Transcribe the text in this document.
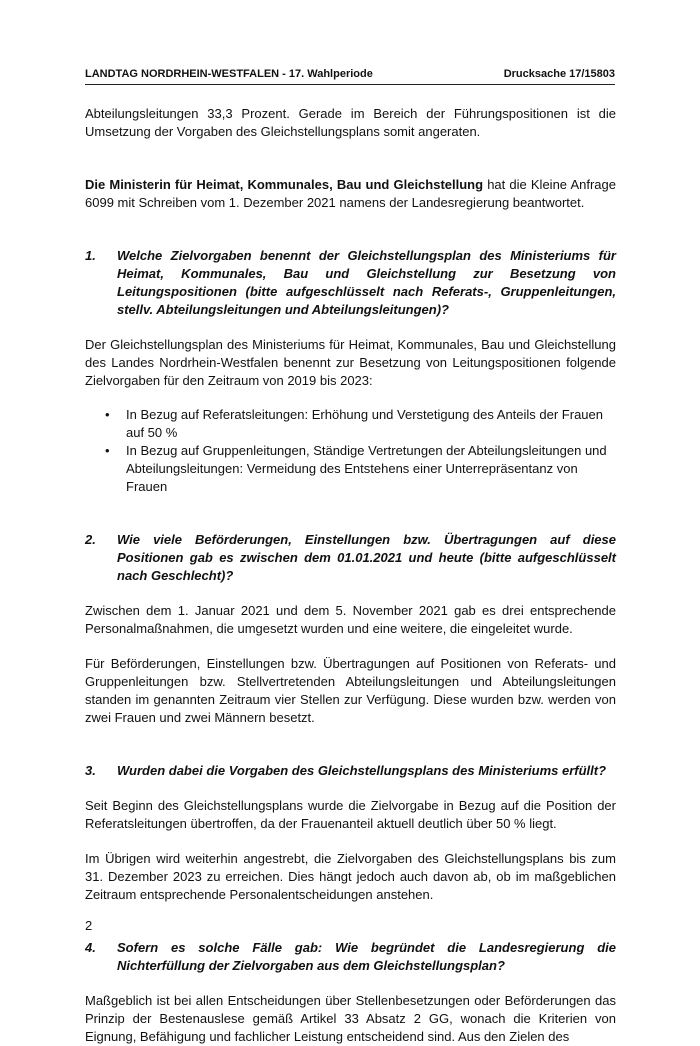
LANDTAG NORDRHEIN-WESTFALEN - 17. Wahlperiode	Drucksache 17/15803

Abteilungsleitungen 33,3 Prozent. Gerade im Bereich der Führungspositionen ist die Umsetzung der Vorgaben des Gleichstellungsplans somit angeraten.

Die Ministerin für Heimat, Kommunales, Bau und Gleichstellung hat die Kleine Anfrage 6099 mit Schreiben vom 1. Dezember 2021 namens der Landesregierung beantwortet.

1.	Welche Zielvorgaben benennt der Gleichstellungsplan des Ministeriums für Heimat, Kommunales, Bau und Gleichstellung zur Besetzung von Leitungspositionen (bitte aufgeschlüsselt nach Referats-, Gruppenleitungen, stellv. Abteilungsleitungen und Abteilungsleitungen)?

Der Gleichstellungsplan des Ministeriums für Heimat, Kommunales, Bau und Gleichstellung des Landes Nordrhein-Westfalen benennt zur Besetzung von Leitungspositionen folgende Zielvorgaben für den Zeitraum von 2019 bis 2023:

•	In Bezug auf Referatsleitungen: Erhöhung und Verstetigung des Anteils der Frauen auf 50 %
•	In Bezug auf Gruppenleitungen, Ständige Vertretungen der Abteilungsleitungen und Abteilungsleitungen: Vermeidung des Entstehens einer Unterrepräsentanz von Frauen
2.	Wie viele Beförderungen, Einstellungen bzw. Übertragungen auf diese Positionen gab es zwischen dem 01.01.2021 und heute (bitte aufgeschlüsselt nach Geschlecht)?

Zwischen dem 1. Januar 2021 und dem 5. November 2021 gab es drei entsprechende Personalmaßnahmen, die umgesetzt wurden und eine weitere, die eingeleitet wurde.

Für Beförderungen, Einstellungen bzw. Übertragungen auf Positionen von Referats- und Gruppenleitungen bzw. Stellvertretenden Abteilungsleitungen und Abteilungsleitungen standen im genannten Zeitraum vier Stellen zur Verfügung. Diese wurden bzw. werden von zwei Frauen und zwei Männern besetzt.

3.	Wurden dabei die Vorgaben des Gleichstellungsplans des Ministeriums erfüllt?

Seit Beginn des Gleichstellungsplans wurde die Zielvorgabe in Bezug auf die Position der Referatsleitungen übertroffen, da der Frauenanteil aktuell deutlich über 50 % liegt.

Im Übrigen wird weiterhin angestrebt, die Zielvorgaben des Gleichstellungsplans bis zum 31. Dezember 2023 zu erreichen. Dies hängt jedoch auch davon ab, ob im maßgeblichen Zeitraum entsprechende Personalentscheidungen anstehen.

4.	Sofern es solche Fälle gab: Wie begründet die Landesregierung die Nichterfüllung der Zielvorgaben aus dem Gleichstellungsplan?

Maßgeblich ist bei allen Entscheidungen über Stellenbesetzungen oder Beförderungen das Prinzip der Bestenauslese gemäß Artikel 33 Absatz 2 GG, wonach die Kriterien von Eignung, Befähigung und fachlicher Leistung entscheidend sind. Aus den Zielen des

2
